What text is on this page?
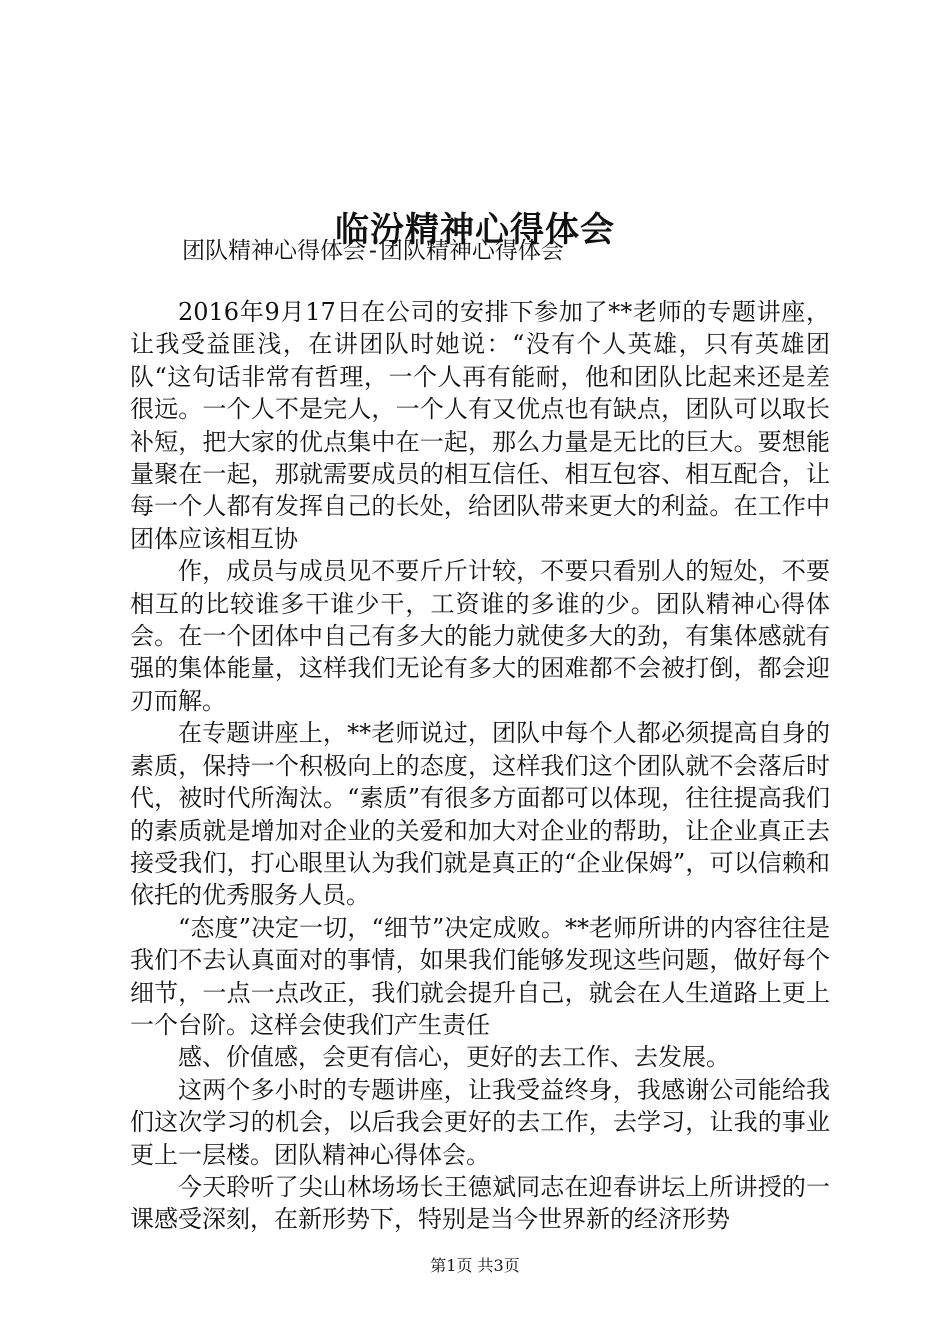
临汾精神心得体会
团队精神心得体会-团队精神心得体会

2016年9月17日在公司的安排下参加了**老师的专题讲座，让我受益匪浅，在讲团队时她说：“没有个人英雄，只有英雄团队“这句话非常有哲理，一个人再有能耐，他和团队比起来还是差很远。一个人不是完人，一个人有又优点也有缺点，团队可以取长补短，把大家的优点集中在一起，那么力量是无比的巨大。要想能量聚在一起，那就需要成员的相互信任、相互包容、相互配合，让每一个人都有发挥自己的长处，给团队带来更大的利益。在工作中团体应该相互协

作，成员与成员见不要斤斤计较，不要只看别人的短处，不要相互的比较谁多干谁少干，工资谁的多谁的少。团队精神心得体会。在一个团体中自己有多大的能力就使多大的劲，有集体感就有强的集体能量，这样我们无论有多大的困难都不会被打倒，都会迎刃而解。

在专题讲座上，**老师说过，团队中每个人都必须提高自身的素质，保持一个积极向上的态度，这样我们这个团队就不会落后时代，被时代所淘汰。“素质”有很多方面都可以体现，往往提高我们的素质就是增加对企业的关爱和加大对企业的帮助，让企业真正去接受我们，打心眼里认为我们就是真正的“企业保姆”，可以信赖和依托的优秀服务人员。

“态度”决定一切，“细节”决定成败。**老师所讲的内容往往是我们不去认真面对的事情，如果我们能够发现这些问题，做好每个细节，一点一点改正，我们就会提升自己，就会在人生道路上更上一个台阶。这样会使我们产生责任

感、价值感，会更有信心，更好的去工作、去发展。

这两个多小时的专题讲座，让我受益终身，我感谢公司能给我们这次学习的机会，以后我会更好的去工作，去学习，让我的事业更上一层楼。团队精神心得体会。

今天聆听了尖山林场场长王德斌同志在迎春讲坛上所讲授的一课感受深刻，在新形势下，特别是当今世界新的经济形势

第1页 共3页
